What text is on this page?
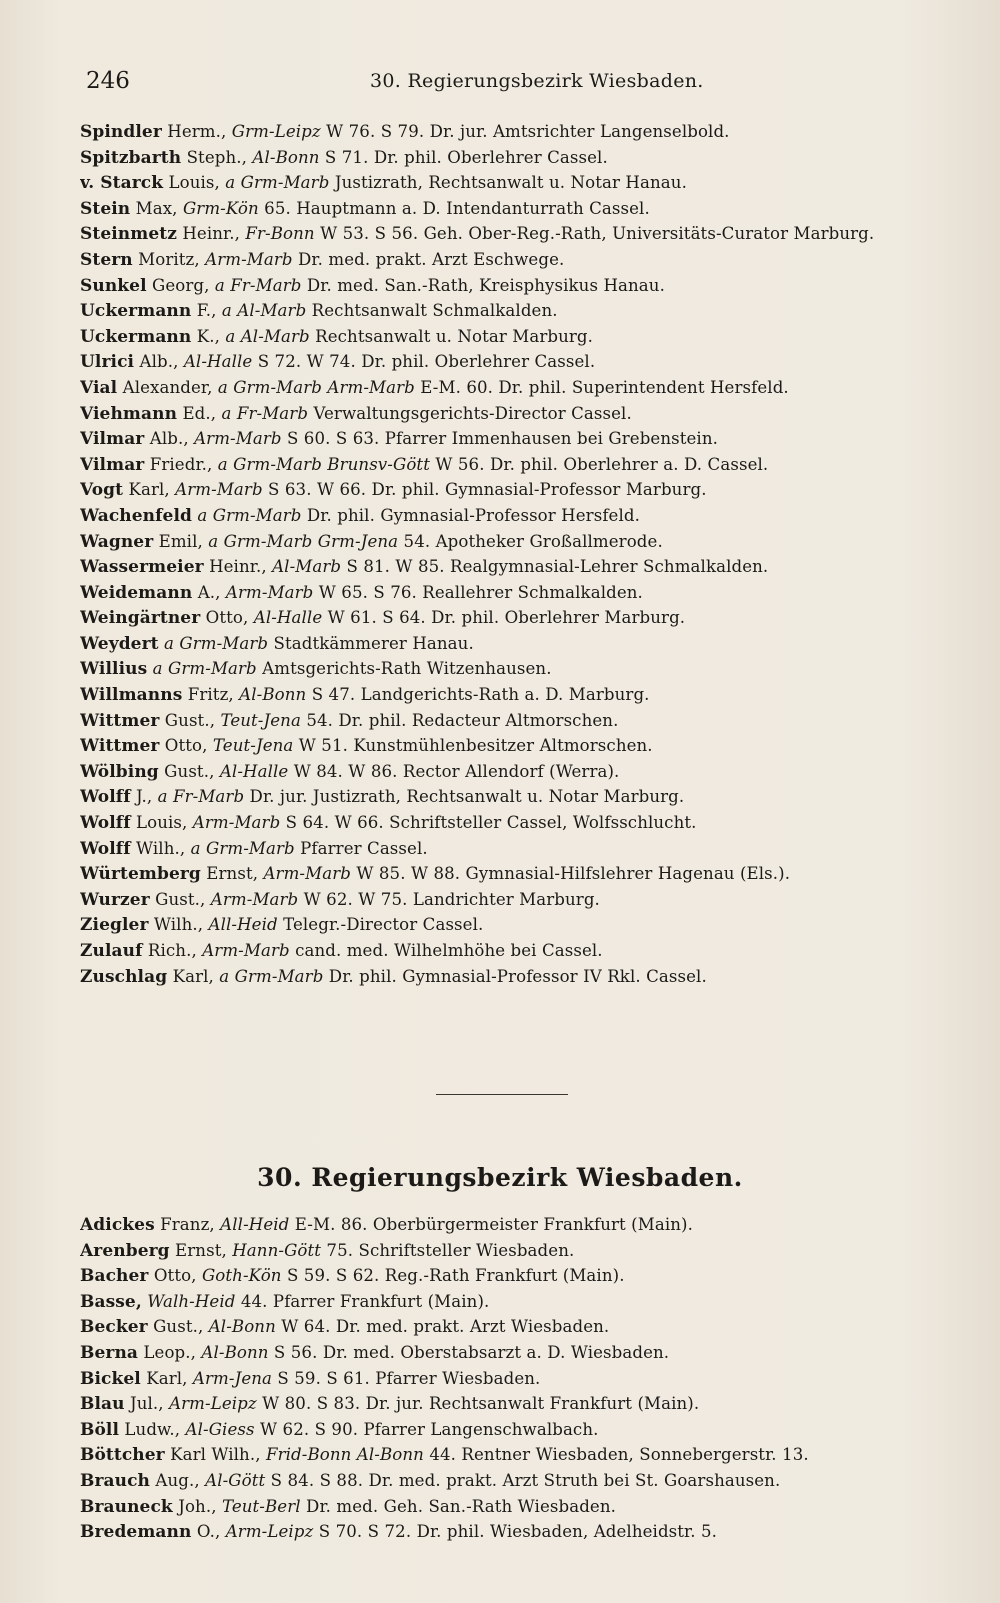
246	30. Regierungsbezirk Wiesbaden.
Spindler Herm., Grm-Leipz W 76. S 79. Dr. jur. Amtsrichter Langenselbold.
Spitzbarth Steph., Al-Bonn S 71. Dr. phil. Oberlehrer Cassel.
v. Starck Louis, a Grm-Marb Justizrath, Rechtsanwalt u. Notar Hanau.
Stein Max, Grm-Kön 65. Hauptmann a. D. Intendanturrath Cassel.
Steinmetz Heinr., Fr-Bonn W 53. S 56. Geh. Ober-Reg.-Rath, Universitäts-Curator Marburg.
Stern Moritz, Arm-Marb Dr. med. prakt. Arzt Eschwege.
Sunkel Georg, a Fr-Marb Dr. med. San.-Rath, Kreisphysikus Hanau.
Uckermann F., a Al-Marb Rechtsanwalt Schmalkalden.
Uckermann K., a Al-Marb Rechtsanwalt u. Notar Marburg.
Ulrici Alb., Al-Halle S 72. W 74. Dr. phil. Oberlehrer Cassel.
Vial Alexander, a Grm-Marb Arm-Marb E-M. 60. Dr. phil. Superintendent Hersfeld.
Viehmann Ed., a Fr-Marb Verwaltungsgerichts-Director Cassel.
Vilmar Alb., Arm-Marb S 60. S 63. Pfarrer Immenhausen bei Grebenstein.
Vilmar Friedr., a Grm-Marb Brunsv-Gött W 56. Dr. phil. Oberlehrer a. D. Cassel.
Vogt Karl, Arm-Marb S 63. W 66. Dr. phil. Gymnasial-Professor Marburg.
Wachenfeld a Grm-Marb Dr. phil. Gymnasial-Professor Hersfeld.
Wagner Emil, a Grm-Marb Grm-Jena 54. Apotheker Großallmerode.
Wassermeier Heinr., Al-Marb S 81. W 85. Realgymnasial-Lehrer Schmalkalden.
Weidemann A., Arm-Marb W 65. S 76. Reallehrer Schmalkalden.
Weingärtner Otto, Al-Halle W 61. S 64. Dr. phil. Oberlehrer Marburg.
Weydert a Grm-Marb Stadtkämmerer Hanau.
Willius a Grm-Marb Amtsgerichts-Rath Witzenhausen.
Willmanns Fritz, Al-Bonn S 47. Landgerichts-Rath a. D. Marburg.
Wittmer Gust., Teut-Jena 54. Dr. phil. Redacteur Altmorschen.
Wittmer Otto, Teut-Jena W 51. Kunstmühlenbesitzer Altmorschen.
Wölbing Gust., Al-Halle W 84. W 86. Rector Allendorf (Werra).
Wolff J., a Fr-Marb Dr. jur. Justizrath, Rechtsanwalt u. Notar Marburg.
Wolff Louis, Arm-Marb S 64. W 66. Schriftsteller Cassel, Wolfsschlucht.
Wolff Wilh., a Grm-Marb Pfarrer Cassel.
Würtemberg Ernst, Arm-Marb W 85. W 88. Gymnasial-Hilfslehrer Hagenau (Els.).
Wurzer Gust., Arm-Marb W 62. W 75. Landrichter Marburg.
Ziegler Wilh., All-Heid Telegr.-Director Cassel.
Zulauf Rich., Arm-Marb cand. med. Wilhelmhöhe bei Cassel.
Zuschlag Karl, a Grm-Marb Dr. phil. Gymnasial-Professor IV Rkl. Cassel.
30. Regierungsbezirk Wiesbaden.
Adickes Franz, All-Heid E-M. 86. Oberbürgermeister Frankfurt (Main).
Arenberg Ernst, Hann-Gött 75. Schriftsteller Wiesbaden.
Bacher Otto, Goth-Kön S 59. S 62. Reg.-Rath Frankfurt (Main).
Basse, Walh-Heid 44. Pfarrer Frankfurt (Main).
Becker Gust., Al-Bonn W 64. Dr. med. prakt. Arzt Wiesbaden.
Berna Leop., Al-Bonn S 56. Dr. med. Oberstabsarzt a. D. Wiesbaden.
Bickel Karl, Arm-Jena S 59. S 61. Pfarrer Wiesbaden.
Blau Jul., Arm-Leipz W 80. S 83. Dr. jur. Rechtsanwalt Frankfurt (Main).
Böll Ludw., Al-Giess W 62. S 90. Pfarrer Langenschwalbach.
Böttcher Karl Wilh., Frid-Bonn Al-Bonn 44. Rentner Wiesbaden, Sonnebergerstr. 13.
Brauch Aug., Al-Gött S 84. S 88. Dr. med. prakt. Arzt Struth bei St. Goarshausen.
Brauneck Joh., Teut-Berl Dr. med. Geh. San.-Rath Wiesbaden.
Bredemann O., Arm-Leipz S 70. S 72. Dr. phil. Wiesbaden, Adelheidstr. 5.
